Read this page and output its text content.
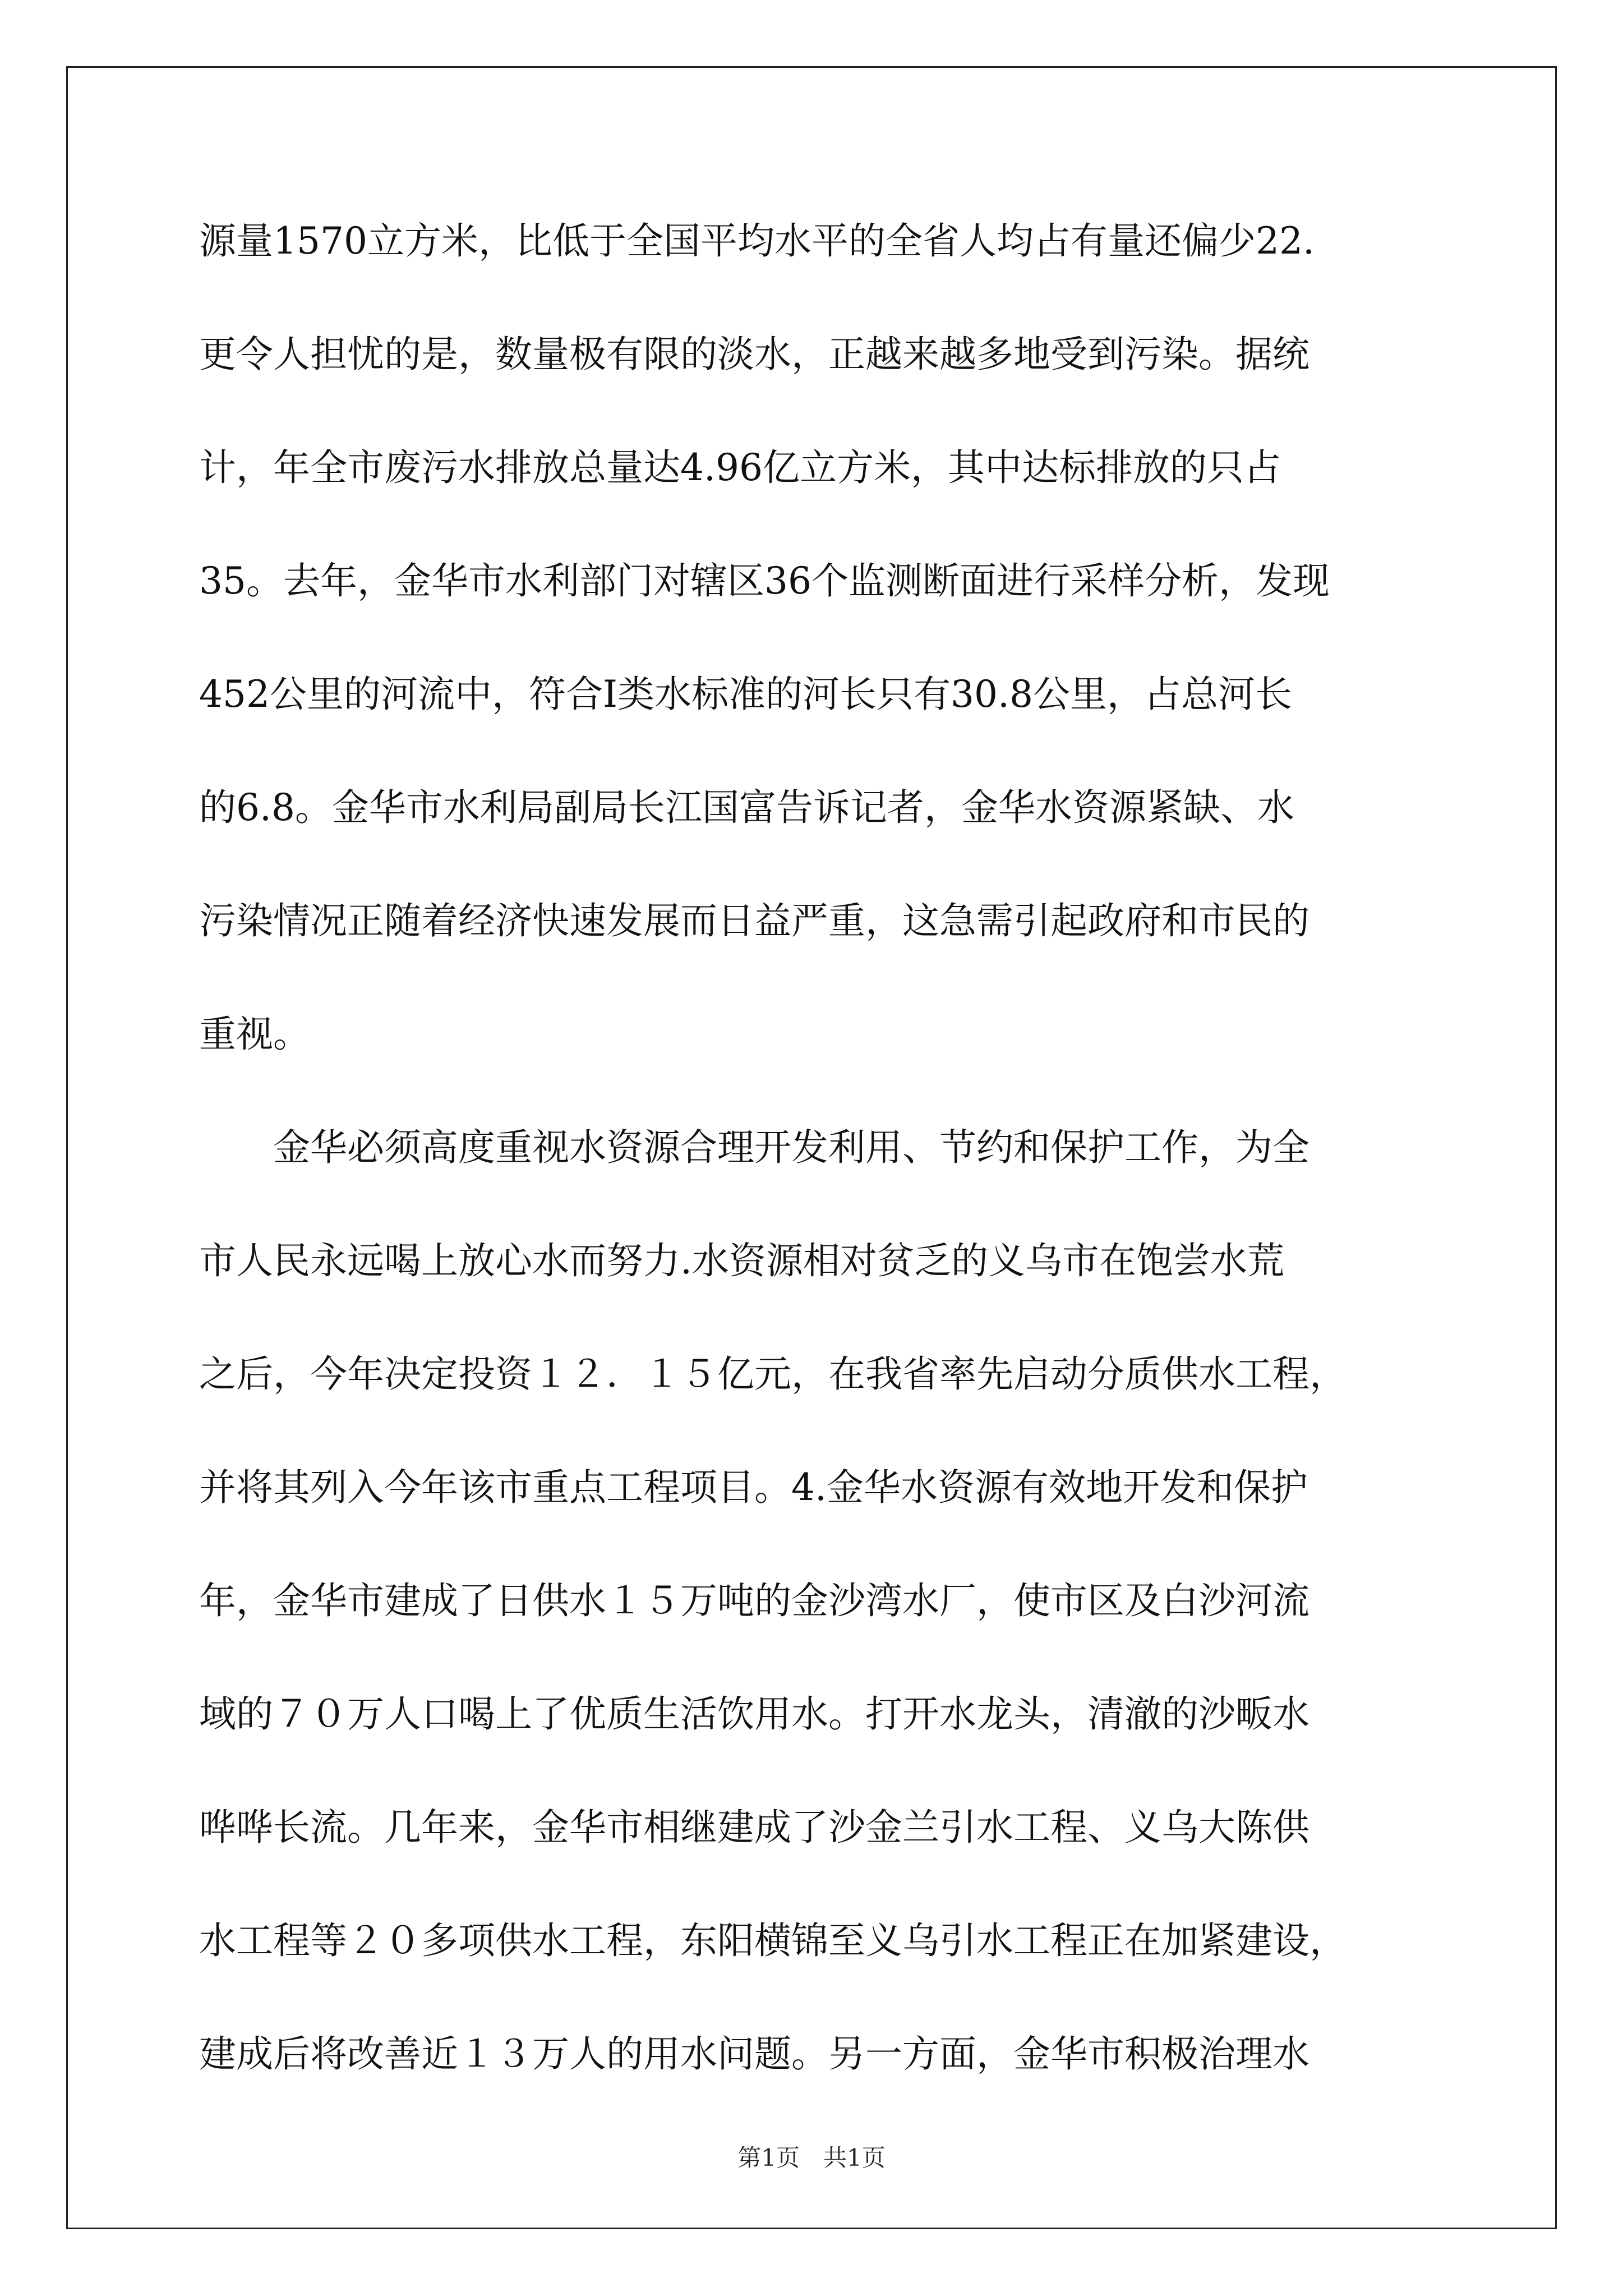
源量1570立方米，比低于全国平均水平的全省人均占有量还偏少22.

更令人担忧的是，数量极有限的淡水，正越来越多地受到污染。据统

计，年全市废污水排放总量达4.96亿立方米，其中达标排放的只占

35。去年，金华市水利部门对辖区36个监测断面进行采样分析，发现

452公里的河流中，符合Ⅰ类水标准的河长只有30.8公里，占总河长

的6.8。金华市水利局副局长江国富告诉记者，金华水资源紧缺、水

污染情况正随着经济快速发展而日益严重，这急需引起政府和市民的

重视。

　　金华必须高度重视水资源合理开发利用、节约和保护工作，为全

市人民永远喝上放心水而努力.水资源相对贫乏的义乌市在饱尝水荒

之后，今年决定投资１２．１５亿元，在我省率先启动分质供水工程，

并将其列入今年该市重点工程项目。4.金华水资源有效地开发和保护

年，金华市建成了日供水１５万吨的金沙湾水厂，使市区及白沙河流

域的７０万人口喝上了优质生活饮用水。打开水龙头，清澈的沙畈水

哗哗长流。几年来，金华市相继建成了沙金兰引水工程、义乌大陈供

水工程等２０多项供水工程，东阳横锦至义乌引水工程正在加紧建设，

建成后将改善近１３万人的用水问题。另一方面，金华市积极治理水

第1页　共1页
